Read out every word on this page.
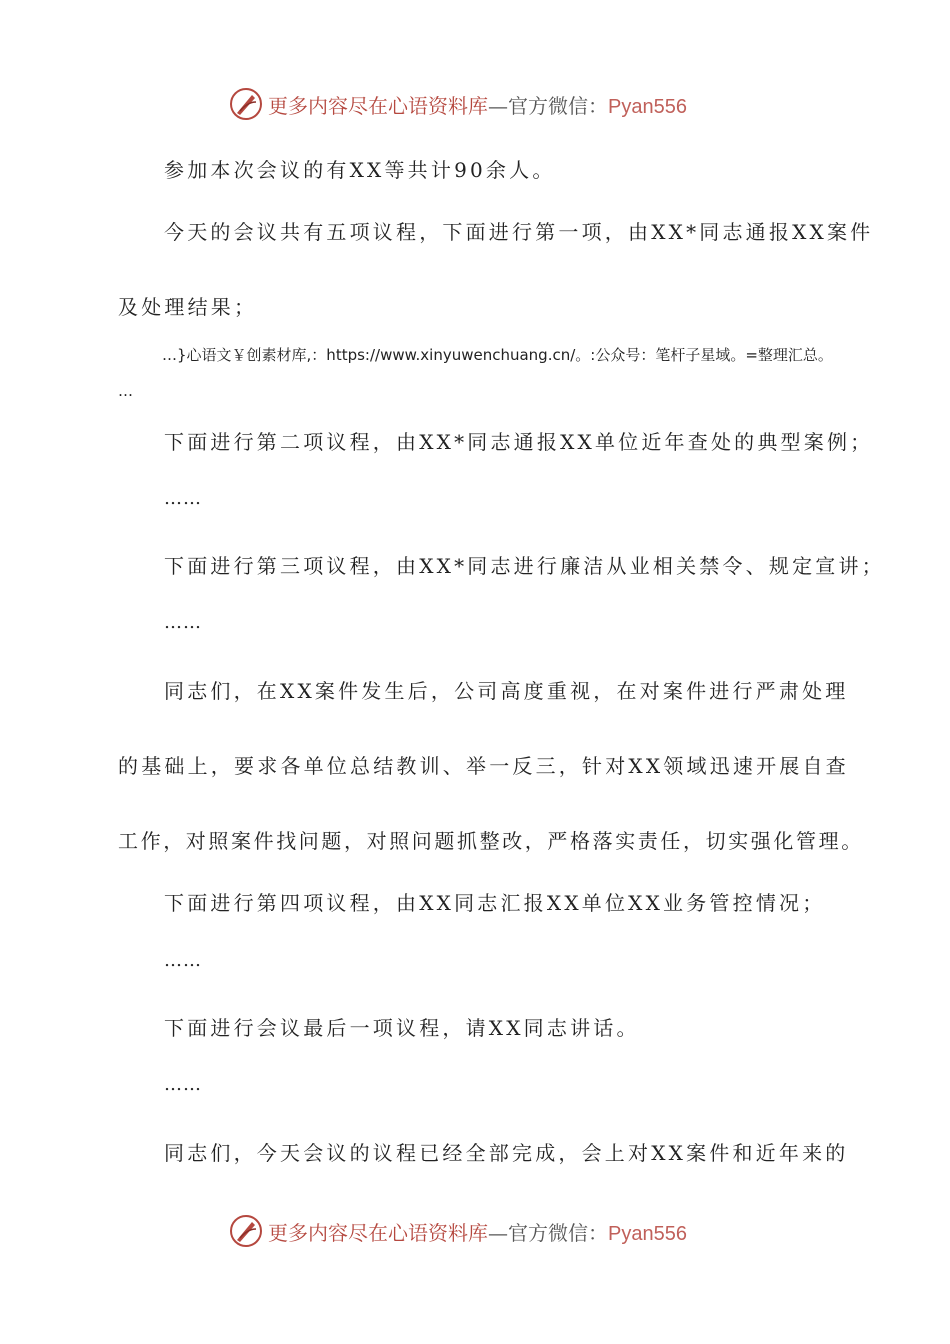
更多内容尽在心语资料库—官方微信：Pyan556
参加本次会议的有XX等共计90余人。
今天的会议共有五项议程，下面进行第一项，由XX*同志通报XX案件
及处理结果；
…}心语文￥创素材库,：https://www.xinyuwenchuang.cn/。:公众号：笔杆子星域。=整理汇总。
…
下面进行第二项议程，由XX*同志通报XX单位近年查处的典型案例；
……
下面进行第三项议程，由XX*同志进行廉洁从业相关禁令、规定宣讲；
……
同志们，在XX案件发生后，公司高度重视，在对案件进行严肃处理
的基础上，要求各单位总结教训、举一反三，针对XX领域迅速开展自查
工作，对照案件找问题，对照问题抓整改，严格落实责任，切实强化管理。
下面进行第四项议程，由XX同志汇报XX单位XX业务管控情况；
……
下面进行会议最后一项议程，请XX同志讲话。
……
同志们，今天会议的议程已经全部完成，会上对XX案件和近年来的
更多内容尽在心语资料库—官方微信：Pyan556
